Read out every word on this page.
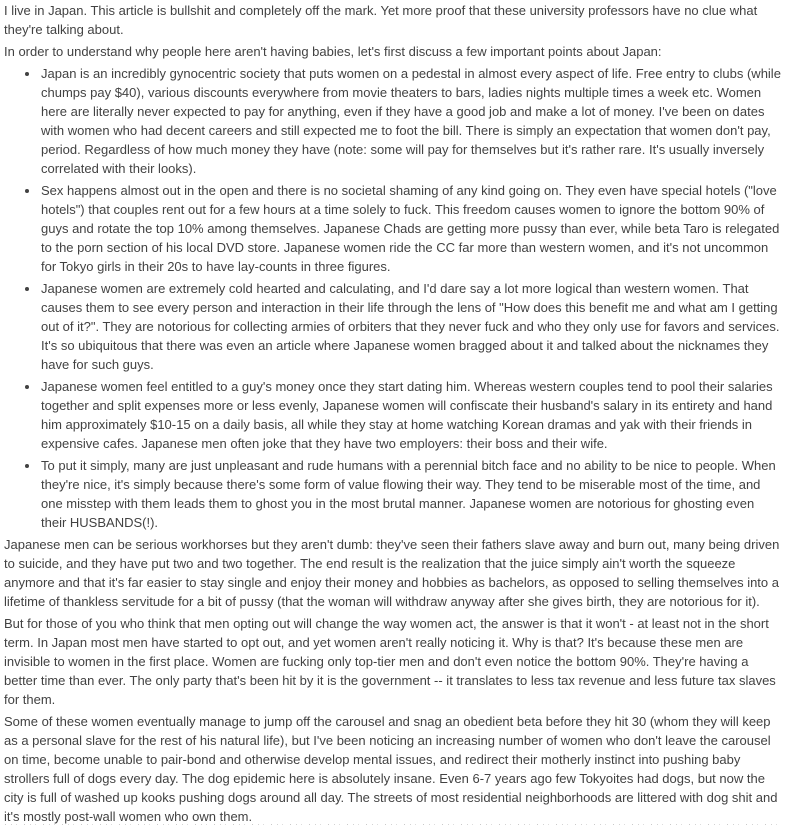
I live in Japan. This article is bullshit and completely off the mark. Yet more proof that these university professors have no clue what they're talking about.

In order to understand why people here aren't having babies, let's first discuss a few important points about Japan:

• Japan is an incredibly gynocentric society that puts women on a pedestal in almost every aspect of life. Free entry to clubs (while chumps pay $40), various discounts everywhere from movie theaters to bars, ladies nights multiple times a week etc. Women here are literally never expected to pay for anything, even if they have a good job and make a lot of money. I've been on dates with women who had decent careers and still expected me to foot the bill. There is simply an expectation that women don't pay, period. Regardless of how much money they have (note: some will pay for themselves but it's rather rare. It's usually inversely correlated with their looks).
• Sex happens almost out in the open and there is no societal shaming of any kind going on. They even have special hotels ("love hotels") that couples rent out for a few hours at a time solely to fuck. This freedom causes women to ignore the bottom 90% of guys and rotate the top 10% among themselves. Japanese Chads are getting more pussy than ever, while beta Taro is relegated to the porn section of his local DVD store. Japanese women ride the CC far more than western women, and it's not uncommon for Tokyo girls in their 20s to have lay-counts in three figures.
• Japanese women are extremely cold hearted and calculating, and I'd dare say a lot more logical than western women. That causes them to see every person and interaction in their life through the lens of "How does this benefit me and what am I getting out of it?". They are notorious for collecting armies of orbiters that they never fuck and who they only use for favors and services. It's so ubiquitous that there was even an article where Japanese women bragged about it and talked about the nicknames they have for such guys.
• Japanese women feel entitled to a guy's money once they start dating him. Whereas western couples tend to pool their salaries together and split expenses more or less evenly, Japanese women will confiscate their husband's salary in its entirety and hand him approximately $10-15 on a daily basis, all while they stay at home watching Korean dramas and yak with their friends in expensive cafes. Japanese men often joke that they have two employers: their boss and their wife.
• To put it simply, many are just unpleasant and rude humans with a perennial bitch face and no ability to be nice to people. When they're nice, it's simply because there's some form of value flowing their way. They tend to be miserable most of the time, and one misstep with them leads them to ghost you in the most brutal manner. Japanese women are notorious for ghosting even their HUSBANDS(!).

Japanese men can be serious workhorses but they aren't dumb: they've seen their fathers slave away and burn out, many being driven to suicide, and they have put two and two together. The end result is the realization that the juice simply ain't worth the squeeze anymore and that it's far easier to stay single and enjoy their money and hobbies as bachelors, as opposed to selling themselves into a lifetime of thankless servitude for a bit of pussy (that the woman will withdraw anyway after she gives birth, they are notorious for it).

But for those of you who think that men opting out will change the way women act, the answer is that it won't - at least not in the short term. In Japan most men have started to opt out, and yet women aren't really noticing it. Why is that? It's because these men are invisible to women in the first place. Women are fucking only top-tier men and don't even notice the bottom 90%. They're having a better time than ever. The only party that's been hit by it is the government -- it translates to less tax revenue and less future tax slaves for them.

Some of these women eventually manage to jump off the carousel and snag an obedient beta before they hit 30 (whom they will keep as a personal slave for the rest of his natural life), but I've been noticing an increasing number of women who don't leave the carousel on time, become unable to pair-bond and otherwise develop mental issues, and redirect their motherly instinct into pushing baby strollers full of dogs every day. The dog epidemic here is absolutely insane. Even 6-7 years ago few Tokyoites had dogs, but now the city is full of washed up kooks pushing dogs around all day. The streets of most residential neighborhoods are littered with dog shit and it's mostly post-wall women who own them.
